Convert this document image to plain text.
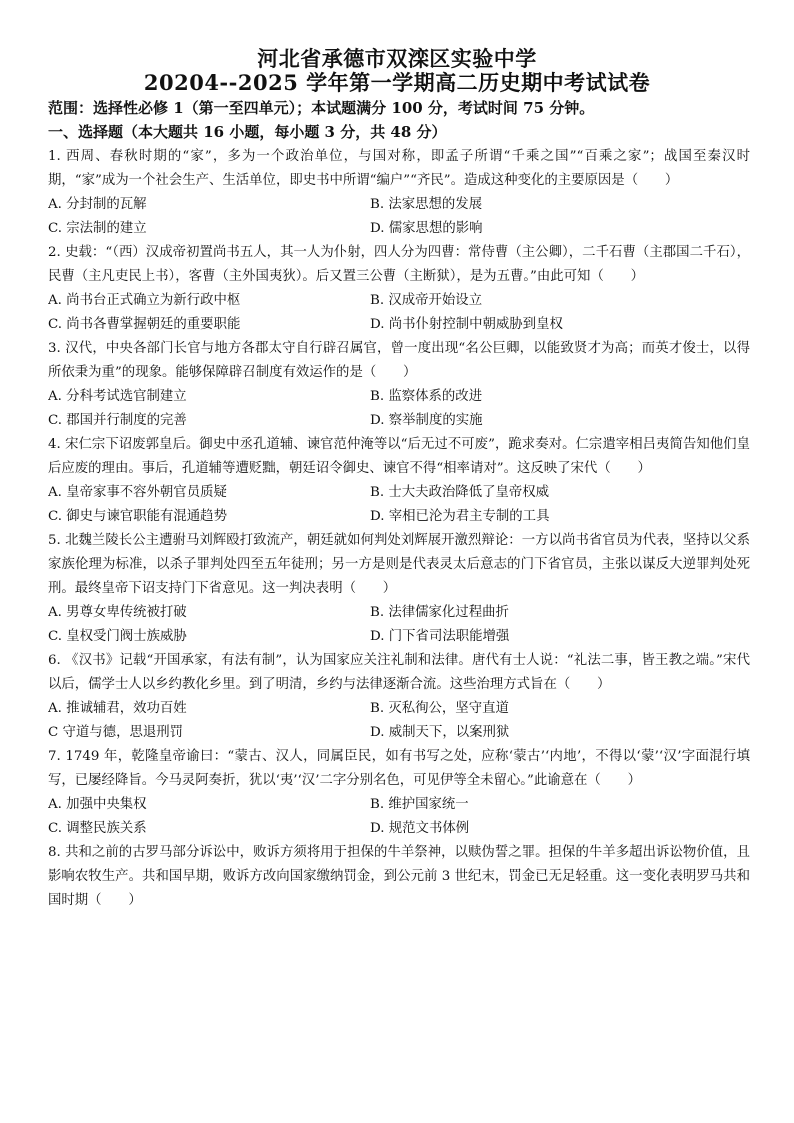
河北省承德市双滦区实验中学
20204--2025 学年第一学期高二历史期中考试试卷
范围：选择性必修 1（第一至四单元）；本试题满分 100 分，考试时间 75 分钟。
一、选择题（本大题共 16 小题，每小题 3 分，共 48 分）

1. 西周、春秋时期的“家”，多为一个政治单位，与国对称，即孟子所谓“千乘之国”“百乘之家”；战国至秦汉时期，“家”成为一个社会生产、生活单位，即史书中所谓“编户”“齐民”。造成这种变化的主要原因是（　　）

A. 分封制的瓦解	B. 法家思想的发展
C. 宗法制的建立	D. 儒家思想的影响

2. 史载：“（西）汉成帝初置尚书五人，其一人为仆射，四人分为四曹：常侍曹（主公卿），二千石曹（主郡国二千石），民曹（主凡吏民上书），客曹（主外国夷狄）。后又置三公曹（主断狱），是为五曹。”由此可知（　　）

A. 尚书台正式确立为新行政中枢	B. 汉成帝开始设立
C. 尚书各曹掌握朝廷的重要职能	D. 尚书仆射控制中朝威胁到皇权

3. 汉代，中央各部门长官与地方各郡太守自行辟召属官，曾一度出现“名公巨卿，以能致贤才为高；而英才俊士，以得所依秉为重”的现象。能够保障辟召制度有效运作的是（　　）

A. 分科考试选官制建立	B. 监察体系的改进
C. 郡国并行制度的完善	D. 察举制度的实施

4. 宋仁宗下诏废郭皇后。御史中丞孔道辅、谏官范仲淹等以“后无过不可废”，跪求奏对。仁宗遣宰相吕夷简告知他们皇后应废的理由。事后，孔道辅等遭贬黜，朝廷诏令御史、谏官不得“相率请对”。这反映了宋代（　　）

A. 皇帝家事不容外朝官员质疑	B. 士大夫政治降低了皇帝权威
C. 御史与谏官职能有混通趋势	D. 宰相已沦为君主专制的工具

5. 北魏兰陵长公主遭驸马刘辉殴打致流产，朝廷就如何判处刘辉展开激烈辩论：一方以尚书省官员为代表，坚持以父系家族伦理为标准，以杀子罪判处四至五年徒刑；另一方是则是代表灵太后意志的门下省官员，主张以谋反大逆罪判处死刑。最终皇帝下诏支持门下省意见。这一判决表明（　　）

A. 男尊女卑传统被打破	B. 法律儒家化过程曲折
C. 皇权受门阀士族威胁	D. 门下省司法职能增强

6. 《汉书》记载“开国承家，有法有制”，认为国家应关注礼制和法律。唐代有士人说：“礼法二事，皆王教之端。”宋代以后，儒学士人以乡约教化乡里。到了明清，乡约与法律逐渐合流。这些治理方式旨在（　　）

A. 推诚辅君，效功百姓	B. 灭私徇公，坚守直道
C 守道与德，思退刑罚	D. 威制天下，以案刑狱

7. 1749 年，乾隆皇帝谕曰：“蒙古、汉人，同属臣民，如有书写之处，应称‘蒙古’‘内地’，不得以‘蒙’‘汉’字面混行填写，已屡经降旨。今马灵阿奏折，犹以‘夷’‘汉’二字分别名色，可见伊等全未留心。”此谕意在（　　）

A. 加强中央集权	B. 维护国家统一
C. 调整民族关系	D. 规范文书体例

8. 共和之前的古罗马部分诉讼中，败诉方须将用于担保的牛羊祭神，以赎伪誓之罪。担保的牛羊多超出诉讼物价值，且影响农牧生产。共和国早期，败诉方改向国家缴纳罚金，到公元前 3 世纪末，罚金已无足轻重。这一变化表明罗马共和国时期（　　）
